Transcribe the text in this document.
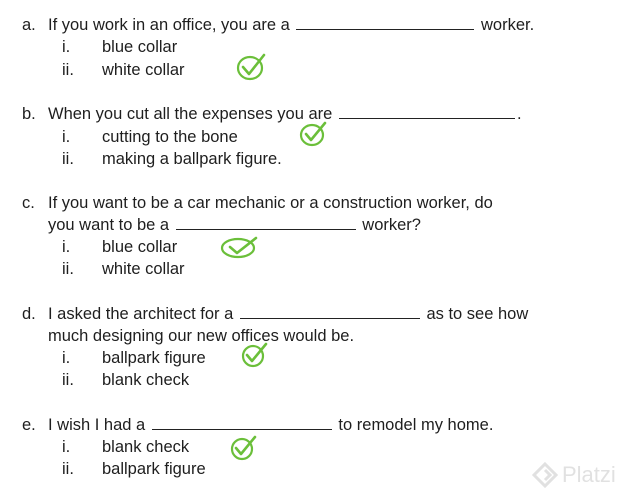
a. If you work in an office, you are a	worker.
i. blue collar
ii. white collar
b. When you cut all the expenses you are	.
i. cutting to the bone
ii. making a ballpark figure.
c. If you want to be a car mechanic or a construction worker, do
you want to be a	worker?
i. blue collar
ii. white collar
d. I asked the architect for a	as to see how
much designing our new offices would be.
i. ballpark figure
ii. blank check
e. I wish I had a	to remodel my home.
i. blank check
ii. ballpark figure	Platzi
